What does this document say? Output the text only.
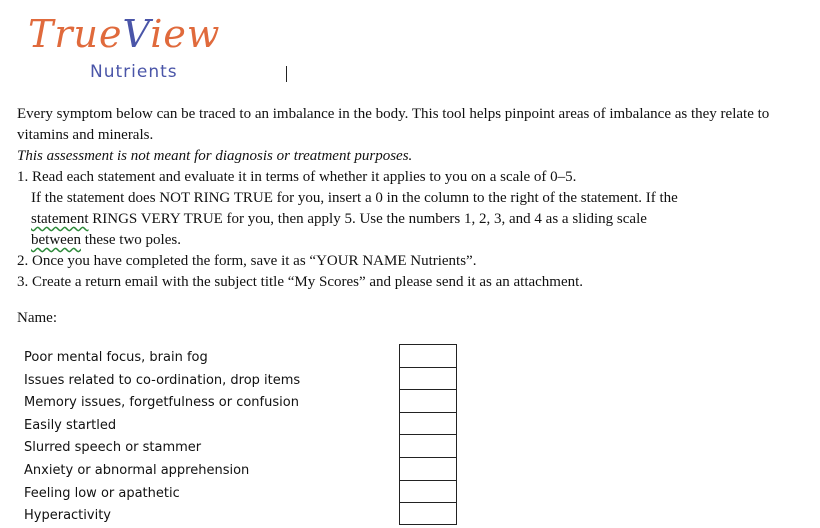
TrueView
Nutrients

Every symptom below can be traced to an imbalance in the body. This tool helps pinpoint areas of imbalance as they relate to vitamins and minerals.

This assessment is not meant for diagnosis or treatment purposes.

1. Read each statement and evaluate it in terms of whether it applies to you on a scale of 0–5.

If the statement does NOT RING TRUE for you, insert a 0 in the column to the right of the statement. If the

statement RINGS VERY TRUE for you, then apply 5. Use the numbers 1, 2, 3, and 4 as a sliding scale

between these two poles.

2. Once you have completed the form, save it as “YOUR NAME Nutrients”.

3. Create a return email with the subject title “My Scores” and please send it as an attachment.

Name:
Poor mental focus, brain fog
Issues related to co-ordination, drop items
Memory issues, forgetfulness or confusion
Easily startled
Slurred speech or stammer
Anxiety or abnormal apprehension
Feeling low or apathetic
Hyperactivity
